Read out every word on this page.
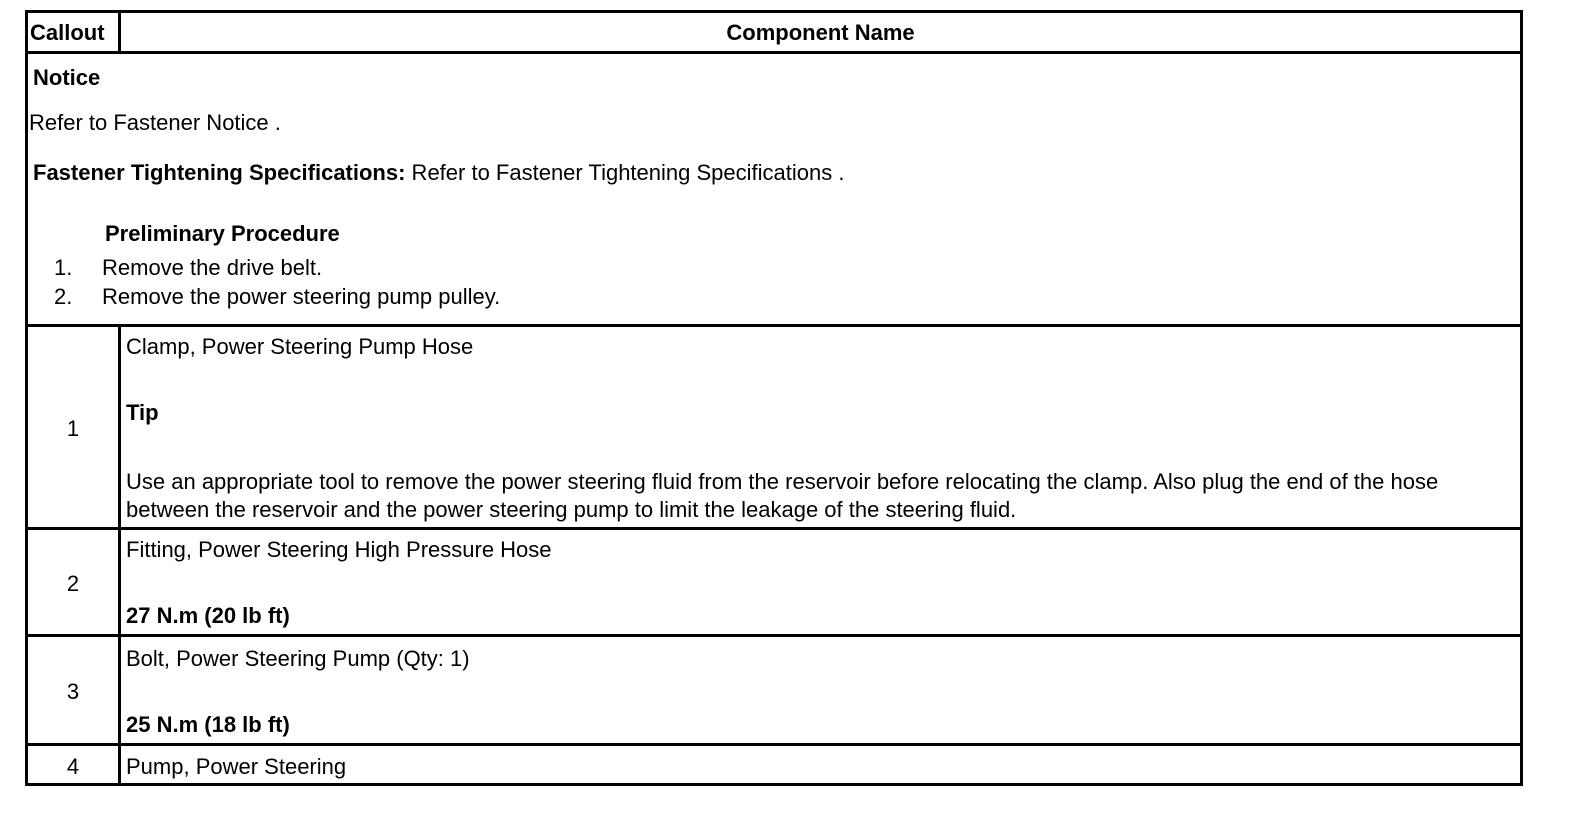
Callout	Component Name
Notice
Refer to Fastener Notice .
Fastener Tightening Specifications: Refer to Fastener Tightening Specifications .
Preliminary Procedure
1. Remove the drive belt.
2. Remove the power steering pump pulley.
1
Clamp, Power Steering Pump Hose
Tip
Use an appropriate tool to remove the power steering fluid from the reservoir before relocating the clamp. Also plug the end of the hose between the reservoir and the power steering pump to limit the leakage of the steering fluid.
2
Fitting, Power Steering High Pressure Hose
27 N.m (20 lb ft)
3
Bolt, Power Steering Pump (Qty: 1)
25 N.m (18 lb ft)
4	Pump, Power Steering
